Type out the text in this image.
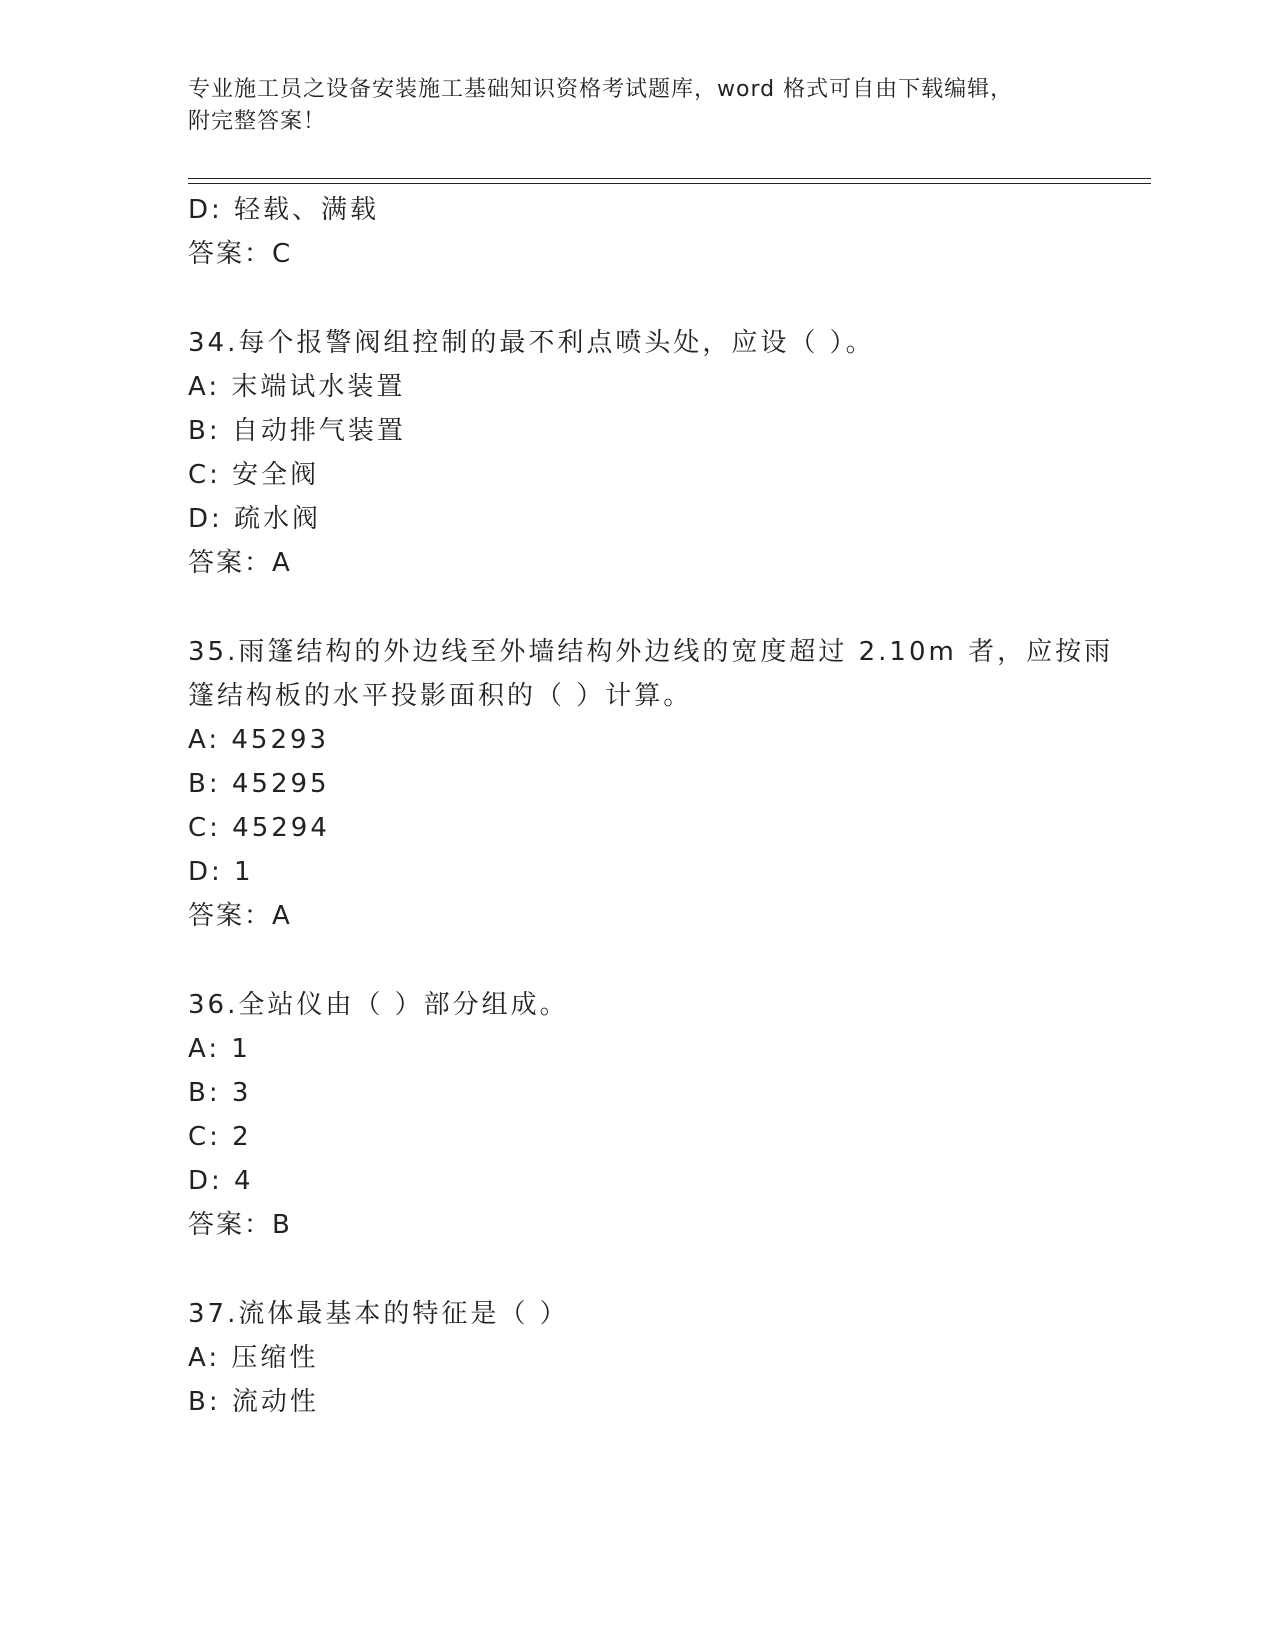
专业施工员之设备安装施工基础知识资格考试题库，word 格式可自由下载编辑，
附完整答案！
D: 轻载、满载
答案：C
34.每个报警阀组控制的最不利点喷头处，应设（ ）。
A: 末端试水装置
B: 自动排气装置
C: 安全阀
D: 疏水阀
答案：A
35.雨篷结构的外边线至外墙结构外边线的宽度超过 2.10m 者，应按雨
篷结构板的水平投影面积的（ ）计算。
A: 45293
B: 45295
C: 45294
D: 1
答案：A
36.全站仪由（ ）部分组成。
A: 1
B: 3
C: 2
D: 4
答案：B
37.流体最基本的特征是（ ）
A: 压缩性
B: 流动性
